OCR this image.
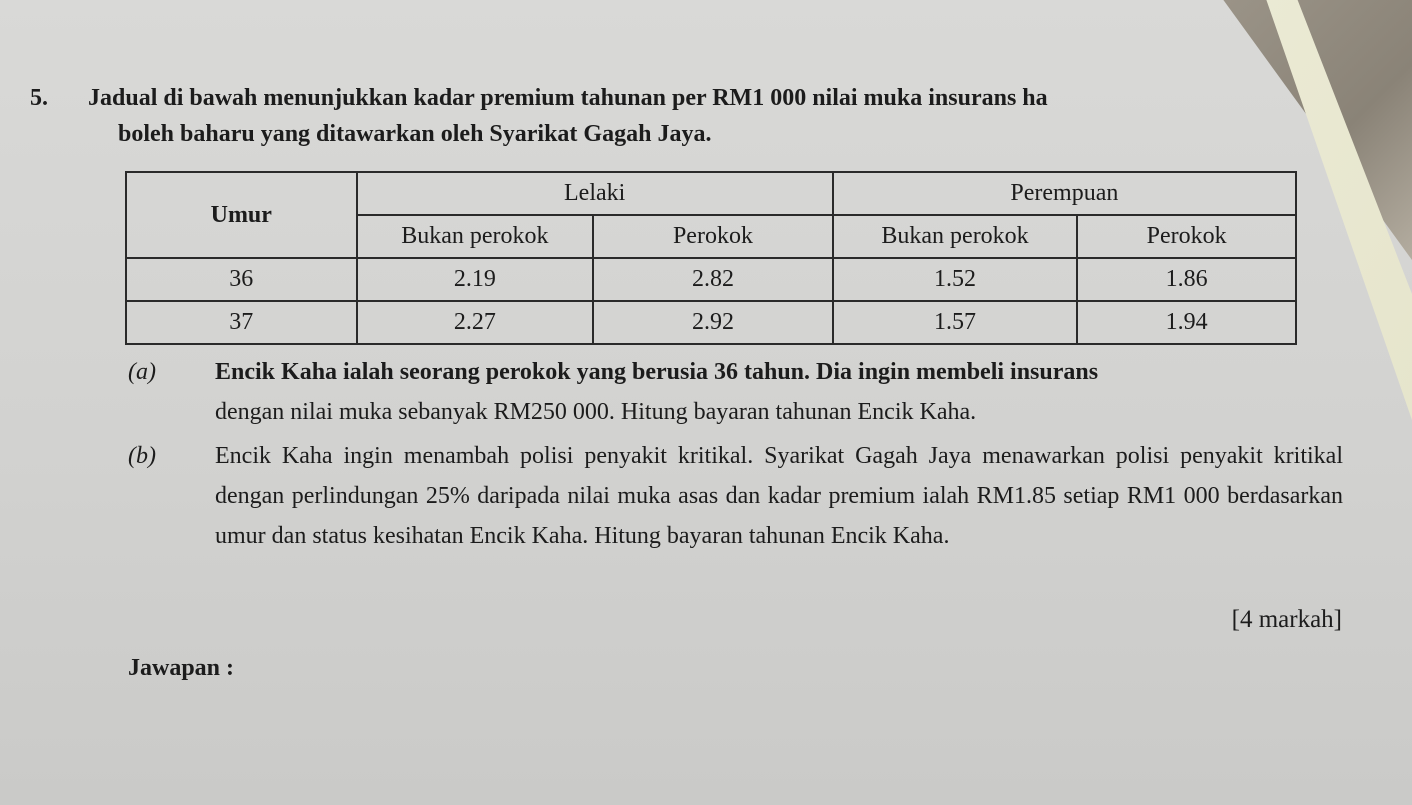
5. Jadual di bawah menunjukkan kadar premium tahunan per RM1 000 nilai muka insurans ha
boleh baharu yang ditawarkan oleh Syarikat Gagah Jaya.
Umur	Lelaki		Perempuan	
	Bukan perokok	Perokok	Bukan perokok	Perokok
36	2.19	2.82	1.52	1.86
37	2.27	2.92	1.57	1.94
(a)	Encik Kaha ialah seorang perokok yang berusia 36 tahun. Dia ingin membeli insurans
dengan nilai muka sebanyak RM250 000. Hitung bayaran tahunan Encik Kaha.
(b)	Encik Kaha ingin menambah polisi penyakit kritikal. Syarikat Gagah Jaya menawarkan polisi penyakit kritikal dengan perlindungan 25% daripada nilai muka asas dan kadar premium ialah RM1.85 setiap RM1 000 berdasarkan umur dan status kesihatan Encik Kaha. Hitung bayaran tahunan Encik Kaha.
[4 markah]
Jawapan :
